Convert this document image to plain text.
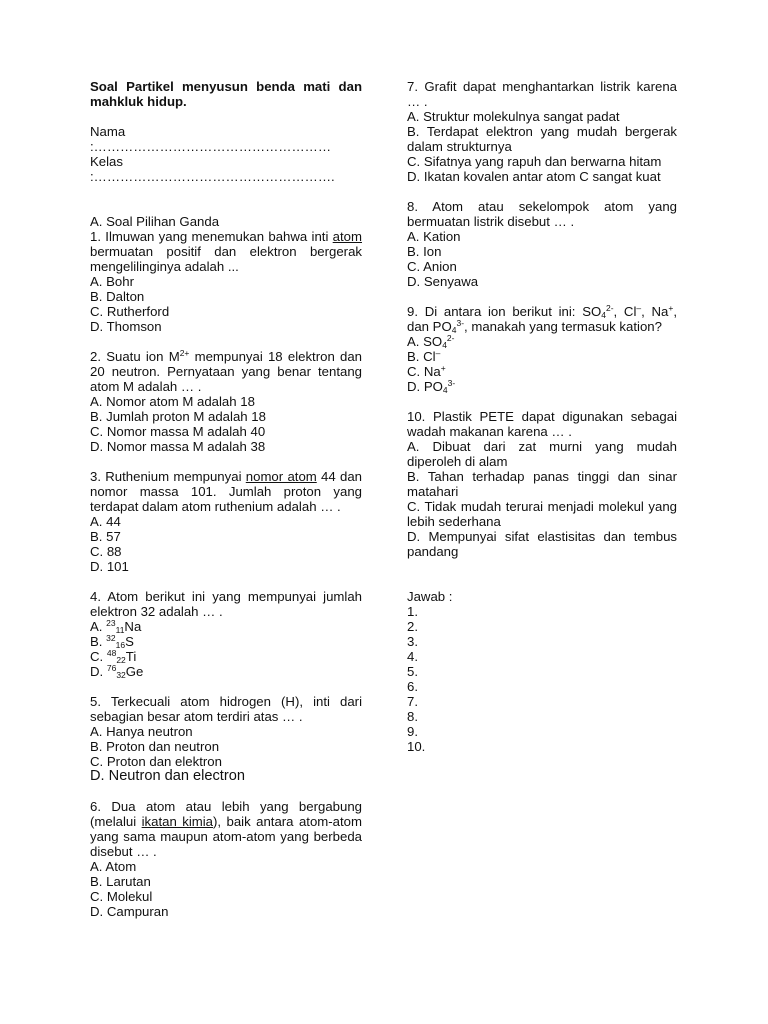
Soal Partikel menyusun benda mati dan mahkluk hidup.
Nama :………………………………………………
Kelas :……………………………………………….
A. Soal Pilihan Ganda
1. Ilmuwan yang menemukan bahwa inti atom bermuatan positif dan elektron bergerak mengelilinginya adalah ...
A. Bohr
B. Dalton
C. Rutherford
D. Thomson
2. Suatu ion $M^{2+}$ mempunyai 18 elektron dan 20 neutron. Pernyataan yang benar tentang atom M adalah … .
A. Nomor atom M adalah 18
B. Jumlah proton M adalah 18
C. Nomor massa M adalah 40
D. Nomor massa M adalah 38
3. Ruthenium mempunyai nomor atom 44 dan nomor massa 101. Jumlah proton yang terdapat dalam atom ruthenium adalah … .
A. 44
B. 57
C. 88
D. 101
4. Atom berikut ini yang mempunyai jumlah elektron 32 adalah … .
A. $^{23}_{11}$Na
B. $^{32}_{16}$S
C. $^{48}_{22}$Ti
D. $^{76}_{32}$Ge
5. Terkecuali atom hidrogen (H), inti dari sebagian besar atom terdiri atas … .
A. Hanya neutron
B. Proton dan neutron
C. Proton dan elektron
D. Neutron dan electron
6. Dua atom atau lebih yang bergabung (melalui ikatan kimia), baik antara atom-atom yang sama maupun atom-atom yang berbeda disebut … .
A. Atom
B. Larutan
C. Molekul
D. Campuran
7. Grafit dapat menghantarkan listrik karena … .
A. Struktur molekulnya sangat padat
B. Terdapat elektron yang mudah bergerak dalam strukturnya
C. Sifatnya yang rapuh dan berwarna hitam
D. Ikatan kovalen antar atom C sangat kuat
8. Atom atau sekelompok atom yang bermuatan listrik disebut … .
A. Kation
B. Ion
C. Anion
D. Senyawa
9. Di antara ion berikut ini: $SO_4^{2-}$, Cl–, Na+, dan $PO_4^{3-}$, manakah yang termasuk kation?
A. $SO_4^{2-}$
B. Cl–
C. Na+
D. $PO_4^{3-}$
10. Plastik PETE dapat digunakan sebagai wadah makanan karena … .
A. Dibuat dari zat murni yang mudah diperoleh di alam
B. Tahan terhadap panas tinggi dan sinar matahari
C. Tidak mudah terurai menjadi molekul yang lebih sederhana
D. Mempunyai sifat elastisitas dan tembus pandang
Jawab :
1.
2.
3.
4.
5.
6.
7.
8.
9.
10.
